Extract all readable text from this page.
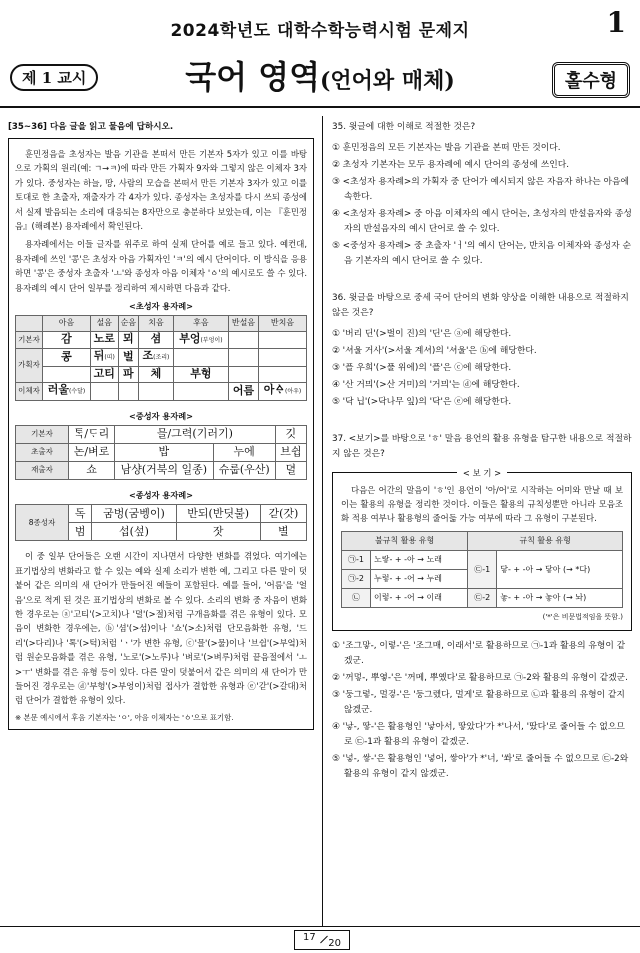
2024학년도 대학수학능력시험 문제지	1
제 1 교시	국어 영역(언어와 매체)	홀수형
[35~36] 다음 글을 읽고 물음에 답하시오.

훈민정음을 초성자는 발음 기관을 본떠서 만든 기본자 5자가 있고 이를 바탕으로 가획의 원리(예: ㄱ→ㅋ)에 따라 만든 가획자 9자와 그렇지 않은 이체자 3자가 있다. 중성자는 하늘, 땅, 사람의 모습을 본떠서 만든 기본자 3자가 있고 이를 토대로 한 초출자, 재출자가 각 4자가 있다. 종성자는 초성자를 다시 쓰되 종성에서 실제 발음되는 소리에 대응되는 8자만으로 충분하다 보았는데, 이는 『훈민정음』(해례본) 용자례에서 확인된다.

용자례에서는 이들 글자를 위주로 하여 실제 단어를 예로 들고 있다. 예컨대, 용자례에 쓰인 '콩'은 초성자 아음 가획자인 'ㅋ'의 예시 단어이다. 이 방식을 응용하면 '콩'은 중성자 초출자 'ㅗ'와 종성자 아음 이체자 'ㆁ'의 예시로도 쓸 수 있다. 용자례의 예시 단어 일부를 정리하여 제시하면 다음과 같다.

<초성자 용자례>
	아음	설음	순음	치음	후음	반설음	반치음
기본자	감	노로	뫼	셤	부엉(부엉이)		
가획자	콩	뒤(띠)	벌	조(조리)			
		고티	파	체	부헝		
이체자	러울(수달)					어름	아ᅀᆞ(아우)
<중성자 용자례>
기본자	ᄐᆞᆨ/ᄃᆞ리	믈/그력(기러기)		깃
초출자	논/벼로	밥	누에	브쉽
재출자	쇼	남샹(거북의 일종)	슈룹(우산)	뎔
<종성자 용자례>
8종성자	독	굼벙(굼벵이)	반되(반딧불)	갇(갓)
	범	섭(섶)	잣	별

이 중 일부 단어들은 오랜 시간이 지나면서 다양한 변화를 겪었다. 여기에는 표기법상의 변화라고 할 수 있는 예와 실제 소리가 변한 예, 그리고 다른 말이 덧붙어 같은 의미의 새 단어가 만들어진 예들이 포함된다. 예를 들어, '어름'을 '얼음'으로 적게 된 것은 표기법상의 변화로 볼 수 있다. 소리의 변화 중 자음이 변화한 경우로는 ⓐ'고티'(>고치)나 '뎔'(>절)처럼 구개음화를 겪은 유형이 있다. 모음이 변화한 경우에는, ⓑ'셤'(>섬)이나 '쇼'(>소)처럼 단모음화한 유형, '드리'(>다리)나 '톡'(>턱)처럼 'ㆍ'가 변한 유형, ⓒ'믈'(>물)이나 '브쉽'(>부엌)처럼 원순모음화를 겪은 유형, '노로'(>노루)나 '벼로'(>벼루)처럼 끝음절에서 'ㅗ>ㅜ' 변화를 겪은 유형 등이 있다. 다른 말이 덧붙어서 같은 의미의 새 단어가 만들어진 경우로는 ⓓ'부헝'(>부엉이)처럼 접사가 결합한 유형과 ⓔ'갇'(>갈대)처럼 단어가 결합한 유형이 있다.

※ 본문 예시에서 후음 기본자는 'ㅇ', 아음 이체자는 'ㆁ'으로 표기함.
35. 윗글에 대한 이해로 적절한 것은?
① 훈민정음의 모든 기본자는 발음 기관을 본떠 만든 것이다.
② 초성자 기본자는 모두 용자례에 예시 단어의 종성에 쓰인다.
③ <초성자 용자례>의 가획자 중 단어가 예시되지 않은 자음자 하나는 아음에 속한다.
④ <초성자 용자례> 중 아음 이체자의 예시 단어는, 초성자의 반설음자와 종성자의 반설음자의 예시 단어로 쓸 수 있다.
⑤ <중성자 용자례> 중 초출자 'ㅓ'의 예시 단어는, 반치음 이체자와 종성자 순음 기본자의 예시 단어로 쓸 수 있다.
36. 윗글을 바탕으로 중세 국어 단어의 변화 양상을 이해한 내용으로 적절하지 않은 것은?
① '버리 딘'(>벌이 진)의 '딘'은 ⓐ에 해당한다.
② '셔울 거사'(>서울 계셔)의 '셔울'은 ⓑ에 해당한다.
③ '플 우희'(>풀 위에)의 '플'은 ⓒ에 해당한다.
④ '산 거믜'(>산 거미)의 '거믜'는 ⓓ에 해당한다.
⑤ '닥 닙'(>닥나무 잎)의 '닥'은 ⓔ에 해당한다.
37. <보기>를 바탕으로 'ㅎ' 말음 용언의 활용 유형을 탐구한 내용으로 적절하지 않은 것은?
< 보 기 >
다음은 어간의 말음이 'ㅎ'인 용언이 '아/어'로 시작하는 어미와 만날 때 보이는 활용의 유형을 정리한 것이다. 이들은 활용의 규칙성뿐만 아니라 모음조화 적용 여부나 활용형의 줄어듦 가능 여부에 따라 그 유형이 구분된다.
불규칙 활용 유형		규칙 활용 유형	
㉠-1	노랗- + -아 → 노래	㉢-1	닿- + -아 → 닿아 (→ *다)
㉠-2	누렇- + -어 → 누레		
㉡	이렇- + -어 → 이래	㉢-2	놓- + -아 → 놓아 (→ 놔)
('*'은 비문법적임을 뜻함.)
① '조그맣-, 이렇-'은 '조그매, 이래서'로 활용하므로 ㉠-1과 활용의 유형이 같겠군.
② '꺼멓-, 뿌옇-'은 '꺼메, 뿌옜다'로 활용하므로 ㉠-2와 활용의 유형이 같겠군.
③ '둥그렇-, 멀겋-'은 '둥그렜다, 멀게'로 활용하므로 ㉡과 활용의 유형이 같지 않겠군.
④ '낳-, 땋-'은 활용형인 '낳아서, 땋았다'가 *'나서, '땄다'로 줄어들 수 없으므로 ㉢-1과 활용의 유형이 같겠군.
⑤ '넣-, 쌓-'은 활용형인 '넣어, 쌓아'가 *'너, '쏴'로 줄어들 수 없으므로 ㉢-2와 활용의 유형이 같지 않겠군.
17
20
